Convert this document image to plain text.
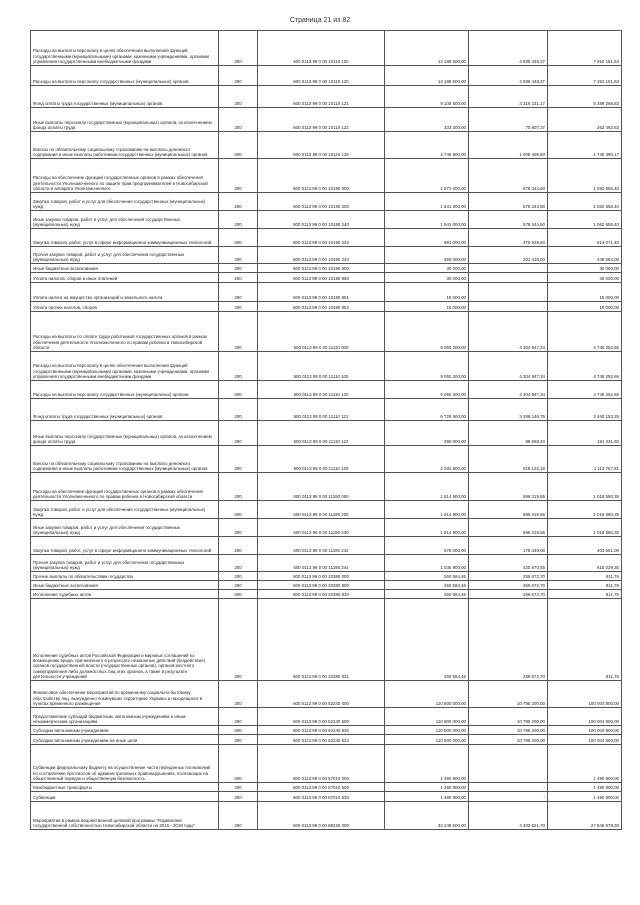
Страница 21 из 82
Расходы на выплаты персоналу в целях обеспечения выполнения функций государственными (муниципальными) органами, казенными учреждениями, органами управления государственными внебюджетными фондами	200	600 0113 99 0 00 10110 100	12 188 600,00	4 935 448,37	7 252 151,63
Расходы на выплаты персоналу государственных (муниципальных) органов	200	600 0113 99 0 00 10110 120	12 188 600,00	4 935 448,37	7 252 151,63
Фонд оплаты труда государственных (муниципальных) органов	200	600 0113 99 0 00 10110 121	9 105 500,00	3 316 231,17	5 289 268,83
Иные выплаты персоналу государственных (муниципальных) органов, за исключением фонда оплаты труда	200	600 0113 99 0 00 10110 122	333 300,00	70 807,37	262 492,63
Взносы по обязательному социальному страхованию на выплаты денежного содержания и иные выплаты работникам государственных (муниципальных) органов	200	600 0113 99 0 00 10110 129	2 749 800,00	1 009 409,83	1 740 390,17
Расходы на обеспечение функций государственных органов в рамках обеспечения деятельности Уполномоченного по защите прав предпринимателей в Новосибирской области и аппарата Уполномоченного	200	600 0113 99 0 00 10190 000	1 671 000,00	578 344,60	1 092 655,40
Закупка товаров, работ и услуг для обеспечения государственных (муниципальных) нужд	200	600 0113 99 0 00 10190 200	1 641 000,00	578 344,60	1 062 655,40
Иные закупки товаров, работ и услуг для обеспечения государственных (муниципальных) нужд	200	600 0113 99 0 00 10190 240	1 641 000,00	578 344,60	1 062 655,40
Закупка товаров, работ, услуг в сфере информационно-коммуникационных технологий	200	600 0113 99 0 00 10190 242	991 000,00	376 928,60	614 071,40
Прочая закупка товаров, работ и услуг для обеспечения государственных (муниципальных) нужд	200	600 0113 99 0 00 10190 244	650 000,00	201 416,00	448 584,00
Иные бюджетные ассигнования	200	600 0113 99 0 00 10190 800	30 000,00	-	30 000,00
Уплата налогов, сборов и иных платежей	200	600 0113 99 0 00 10190 850	30 000,00	-	30 000,00
Уплата налога на имущество организаций и земельного налога	200	600 0113 99 0 00 10190 851	15 000,00	-	15 000,00
Уплата прочих налогов, сборов	200	600 0113 99 0 00 10190 852	15 000,00	-	15 000,00
Расходы на выплаты по оплате труда работников государственных органов в рамках обеспечения деятельности Уполномоченного по правам ребенка в Новосибирской области	200	600 0113 99 0 00 11110 000	9 050 200,00	4 304 947,34	4 745 252,66
Расходы на выплаты персоналу в целях обеспечения выполнения функций государственными (муниципальными) органами, казенными учреждениями, органами управления государственными внебюджетными фондами	200	600 0113 99 0 00 11110 100	9 050 200,00	4 304 947,34	4 745 252,66
Расходы на выплаты персоналу государственных (муниципальных) органов	200	600 0113 99 0 00 11110 120	9 050 200,00	4 304 947,34	4 745 252,66
Фонд оплаты труда государственных (муниципальных) органов	200	600 0113 99 0 00 11110 121	6 728 500,00	3 288 146,75	3 440 153,25
Иные выплаты персоналу государственных (муниципальных) органов, за исключением фонда оплаты труда	200	600 0113 99 0 00 11110 122	290 000,00	98 668,40	191 331,60
Взносы по обязательному социальному страхованию на выплаты денежного содержания и иные выплаты работникам государственных (муниципальных) органов	200	600 0113 99 0 00 11110 129	2 031 900,00	918 132,19	1 113 767,81
Расходы на обеспечение функций государственных органов в рамках обеспечения деятельности Уполномоченного по правам ребенка в Новосибирской области	200	600 0113 99 0 00 11190 000	1 614 900,00	596 319,65	1 018 580,35
Закупка товаров, работ и услуг для обеспечения государственных (муниципальных) нужд	200	600 0113 99 0 00 11190 200	1 614 900,00	596 319,65	1 018 580,35
Иные закупки товаров, работ и услуг для обеспечения государственных (муниципальных) нужд	200	600 0113 99 0 00 11190 240	1 614 900,00	596 319,65	1 018 580,35
Закупка товаров, работ, услуг в сфере информационно-коммуникационных технологий	200	600 0113 99 0 00 11190 242	579 000,00	175 449,00	403 551,00
Прочая закупка товаров, работ и услуг для обеспечения государственных (муниципальных) нужд	200	600 0113 99 0 00 11190 244	1 035 900,00	420 870,65	615 029,35
Прочие выплаты по обязательствам государства	200	600 0113 99 0 00 20380 000	260 584,46	259 672,70	911,76
Иные бюджетные ассигнования	200	600 0113 99 0 00 20380 800	260 584,46	259 672,70	911,76
Исполнение судебных актов	200	600 0113 99 0 00 20380 830	260 584,46	259 672,70	911,76
Исполнение судебных актов Российской Федерации и мировых соглашений по возмещению вреда, причиненного в результате незаконных действий (бездействия) органов государственной власти (государственных органов), органов местного самоуправления либо должностных лиц этих органов, а также в результате деятельности учреждений	200	600 0113 99 0 00 20380 831	260 584,46	259 672,70	911,76
Финансовое обеспечение мероприятий по временному социально-бытовому обустройству лиц, вынужденно покинувших территорию Украины и находящихся в пунктах временного размещения	200	600 0113 99 0 00 52240 000	110 800 000,00	10 795 200,00	100 004 800,00
Предоставление субсидий бюджетным, автономным учреждениям и иным некоммерческим организациям	200	600 0113 99 0 00 52240 600	110 800 000,00	10 795 200,00	100 004 800,00
Субсидии автономным учреждениям	200	600 0113 99 0 00 52240 620	110 800 000,00	10 795 200,00	100 004 800,00
Субсидии автономным учреждениям на иные цели	200	600 0113 99 0 00 52240 622	110 800 000,00	10 795 200,00	100 004 800,00
Субвенции федеральному бюджету на осуществление части переданных полномочий по составлению протоколов об административных правонарушениях, посягающих на общественный порядок и общественную безопасность	200	600 0113 99 0 00 57010 000	1 490 800,00	-	1 490 800,00
Межбюджетные трансферты	200	600 0113 99 0 00 57010 500	1 490 800,00	-	1 490 800,00
Субвенции	200	600 0113 99 0 00 57010 530	1 490 800,00	-	1 490 800,00
Мероприятия в рамках ведомственной целевой программы "Управление государственной собственностью Новосибирской области на 2015 - 2018 годы"	200	600 0113 99 0 00 88220 000	32 249 500,00	4 402 521,70	27 846 978,30
